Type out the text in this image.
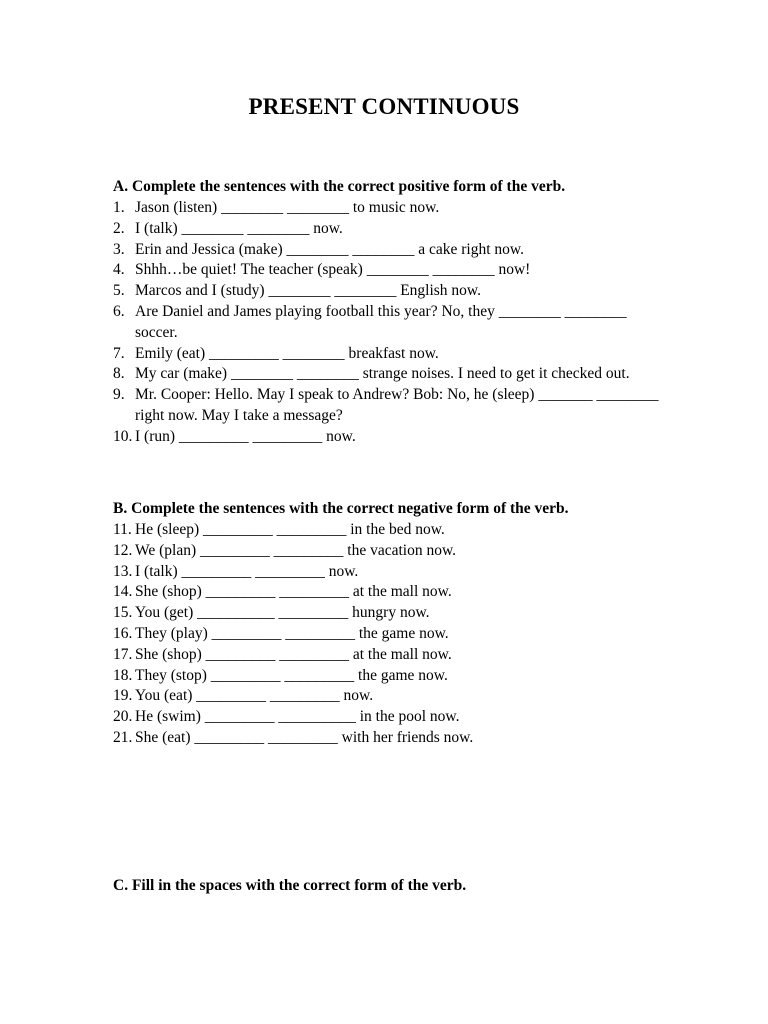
PRESENT CONTINUOUS
A. Complete the sentences with the correct positive form of the verb.
1. Jason (listen) ________ ________ to music now.
2. I (talk) ________ ________ now.
3. Erin and Jessica (make) ________ ________ a cake right now.
4. Shhh…be quiet! The teacher (speak) ________ ________ now!
5. Marcos and I (study) ________ ________ English now.
6. Are Daniel and James playing football this year? No, they ________ ________ soccer.
7. Emily (eat) _________ ________ breakfast now.
8. My car (make) ________ ________ strange noises. I need to get it checked out.
9. Mr. Cooper: Hello. May I speak to Andrew? Bob: No, he (sleep) _______ ________ right now. May I take a message?
10. I (run) _________ _________ now.
B. Complete the sentences with the correct negative form of the verb.
11. He (sleep) _________ _________ in the bed now.
12. We (plan) _________ _________ the vacation now.
13. I (talk) _________ _________ now.
14. She (shop) _________ _________ at the mall now.
15. You (get) __________ _________ hungry now.
16. They (play) _________ _________ the game now.
17. She (shop) _________ _________ at the mall now.
18. They (stop) _________ _________ the game now.
19. You (eat) _________ _________ now.
20. He (swim) _________ __________ in the pool now.
21. She (eat) _________ _________ with her friends now.
C. Fill in the spaces with the correct form of the verb.
